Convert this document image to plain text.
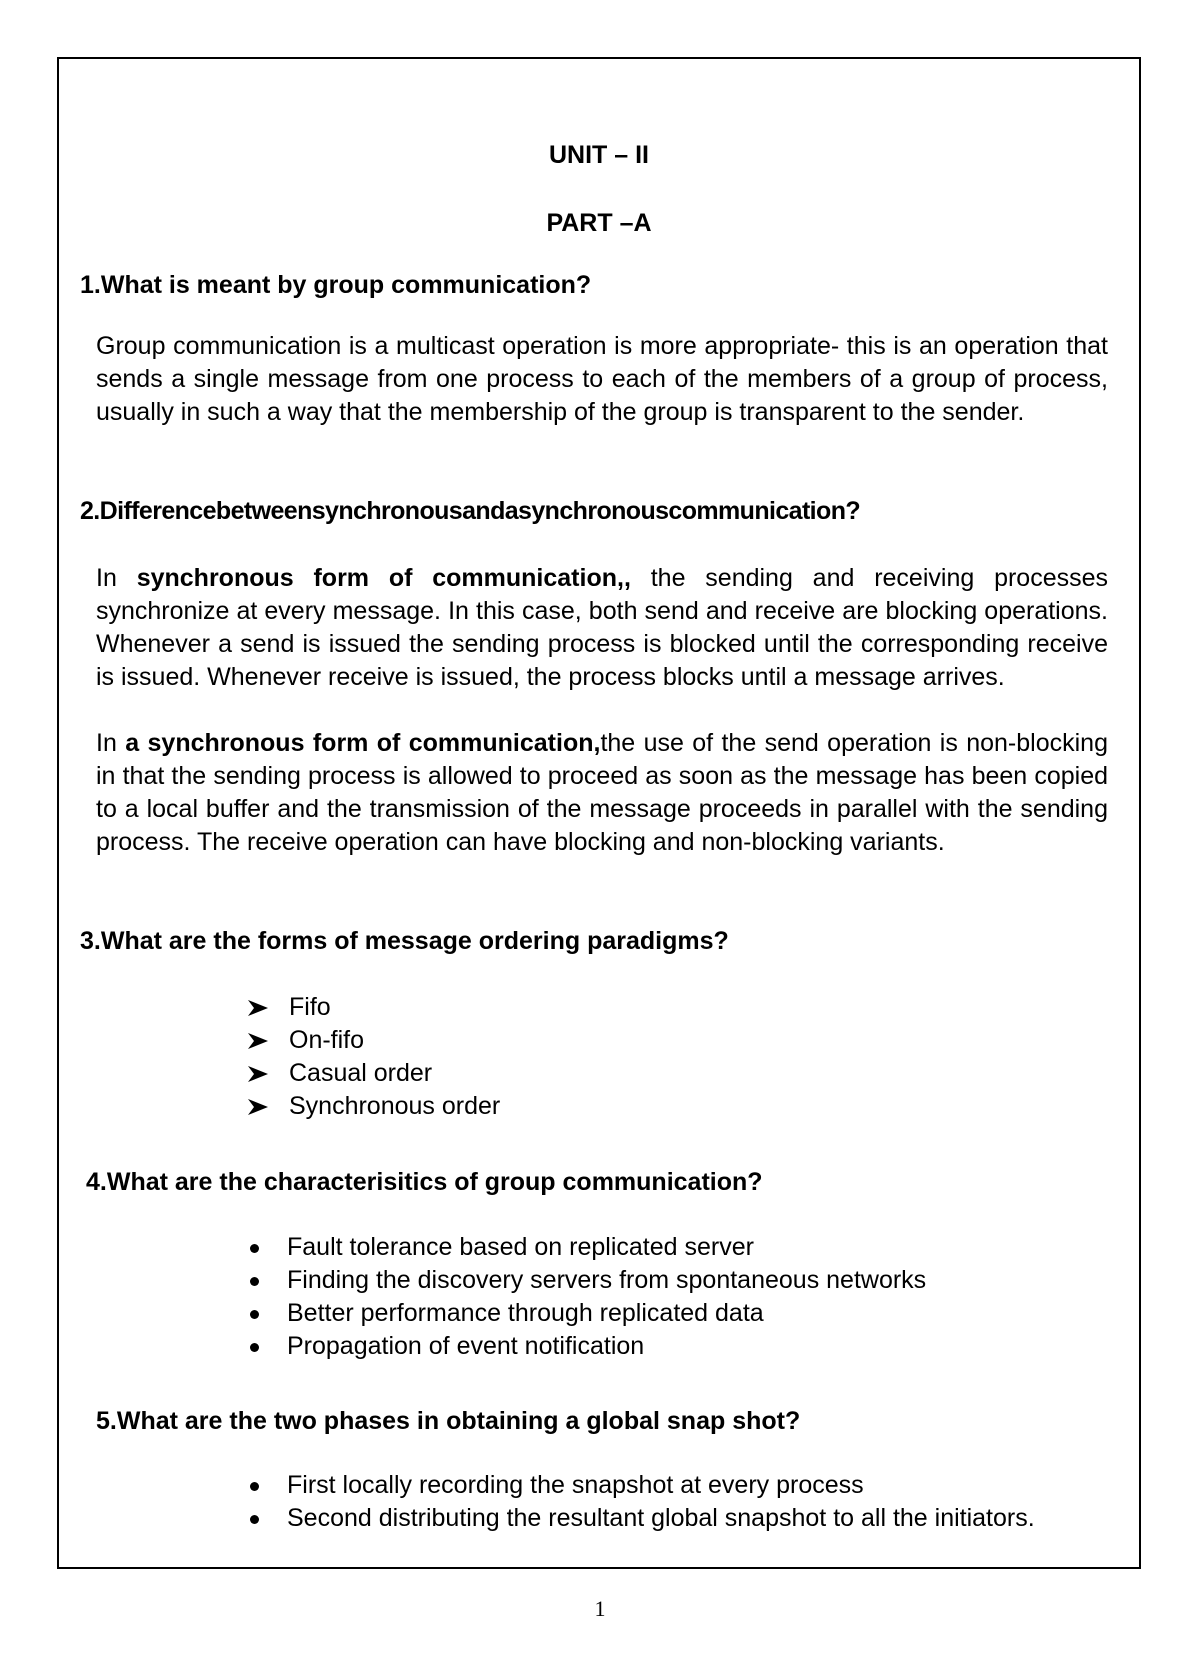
UNIT – II
PART –A
1.What is meant by group communication?
Group communication is a multicast operation is more appropriate- this is an operation that sends a single message from one process to each of the members of a group of process, usually in such a way that the membership of the group is transparent to the sender.
2.Differencebetweensynchronousandasynchronouscommunication?
In synchronous form of communication,, the sending and receiving processes synchronize at every message. In this case, both send and receive are blocking operations. Whenever a send is issued the sending process is blocked until the corresponding receive is issued. Whenever receive is issued, the process blocks until a message arrives.
In a synchronous form of communication,the use of the send operation is non-blocking in that the sending process is allowed to proceed as soon as the message has been copied to a local buffer and the transmission of the message proceeds in parallel with the sending process. The receive operation can have blocking and non-blocking variants.
3.What are the forms of message ordering paradigms?
Fifo
On-fifo
Casual order
Synchronous order
4.What are the characterisitics of group communication?
Fault tolerance based on replicated server
Finding the discovery servers from spontaneous networks
Better performance through replicated data
Propagation of event notification
5.What are the two phases in obtaining a global snap shot?
First locally recording the snapshot at every process
Second distributing the resultant global snapshot to all the initiators.
1
